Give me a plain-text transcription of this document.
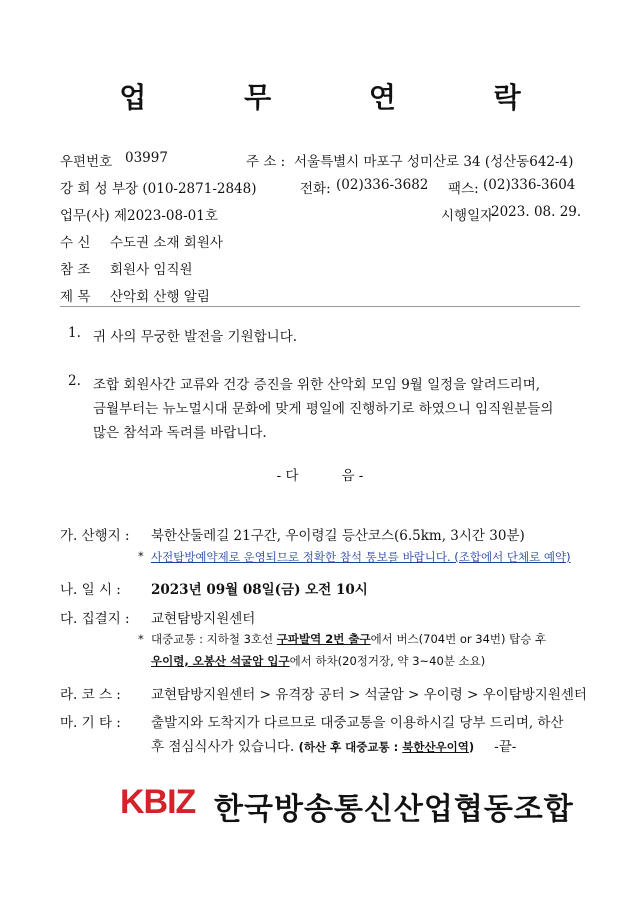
업 무 연 락
우편번호 03997	주 소 : 서울특별시 마포구 성미산로 34 (성산동642-4)
강 희 성 부장 (010-2871-2848)	전화: (02)336-3682 팩스: (02)336-3604
업무(사) 제2023-08-01호	시행일자
2023. 08. 29.
수 신 수도권 소재 회원사
참 조 회원사 임직원
제 목 산악회 산행 알림
1. 귀 사의 무궁한 발전을 기원합니다.
2. 조합 회원사간 교류와 건강 증진을 위한 산악회 모임 9월 일정을 알려드리며,
금월부터는 뉴노멀시대 문화에 맞게 평일에 진행하기로 하였으니 임직원분들의
많은 참석과 독려를 바랍니다.
- 다          음 -
가. 산행지 : 북한산둘레길 21구간, 우이령길 등산코스(6.5km, 3시간 30분)
* 사전탐방예약제로 운영되므로 정확한 참석 통보를 바랍니다. (조합에서 단체로 예약)
나. 일 시 : 2023년 09월 08일(금) 오전 10시
다. 집결지 : 교현탐방지원센터
* 대중교통 : 지하철 3호선 구파발역 2번 출구에서 버스(704번 or 34번) 탑승 후
우이령, 오봉산 석굴암 입구에서 하차(20정거장, 약 3~40분 소요)
라. 코 스 : 교현탐방지원센터 > 유격장 공터 > 석굴암 > 우이령 > 우이탐방지원센터
마. 기 타 : 출발지와 도착지가 다르므로 대중교통을 이용하시길 당부 드리며, 하산
후 점심식사가 있습니다. (하산 후 대중교통 : 북한산우이역) -끝-
KBIZ 한국방송통신산업협동조합
